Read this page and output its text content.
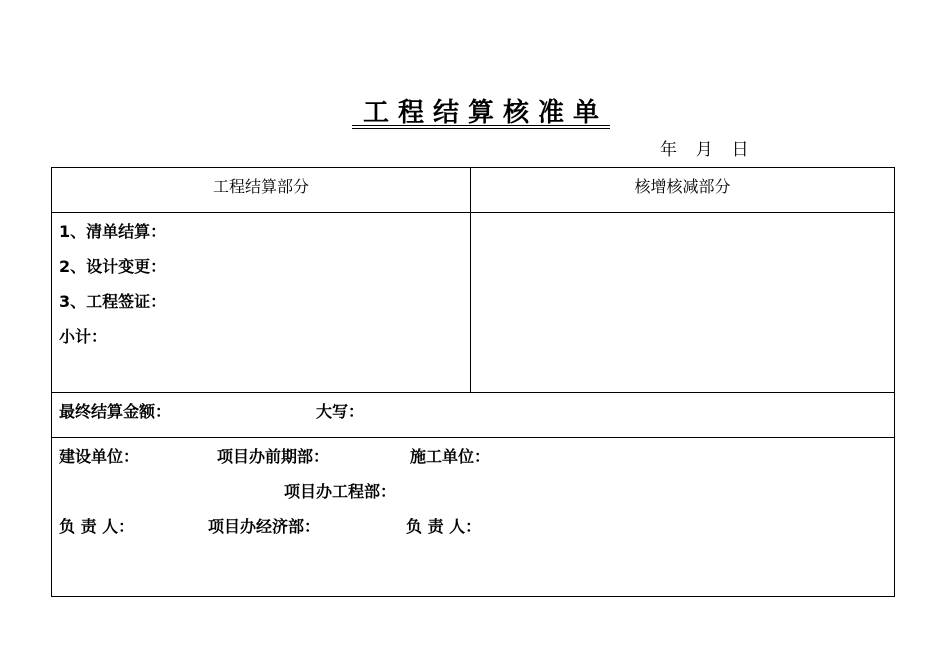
工程结算核准单
年  月  日
工程结算部分	核增核减部分
1、清单结算：
2、设计变更：
3、工程签证：
小计：
最终结算金额：	大写：
建设单位：	项目办前期部：	施工单位：
项目办工程部：
负 责 人：	项目办经济部：	负 责 人：
